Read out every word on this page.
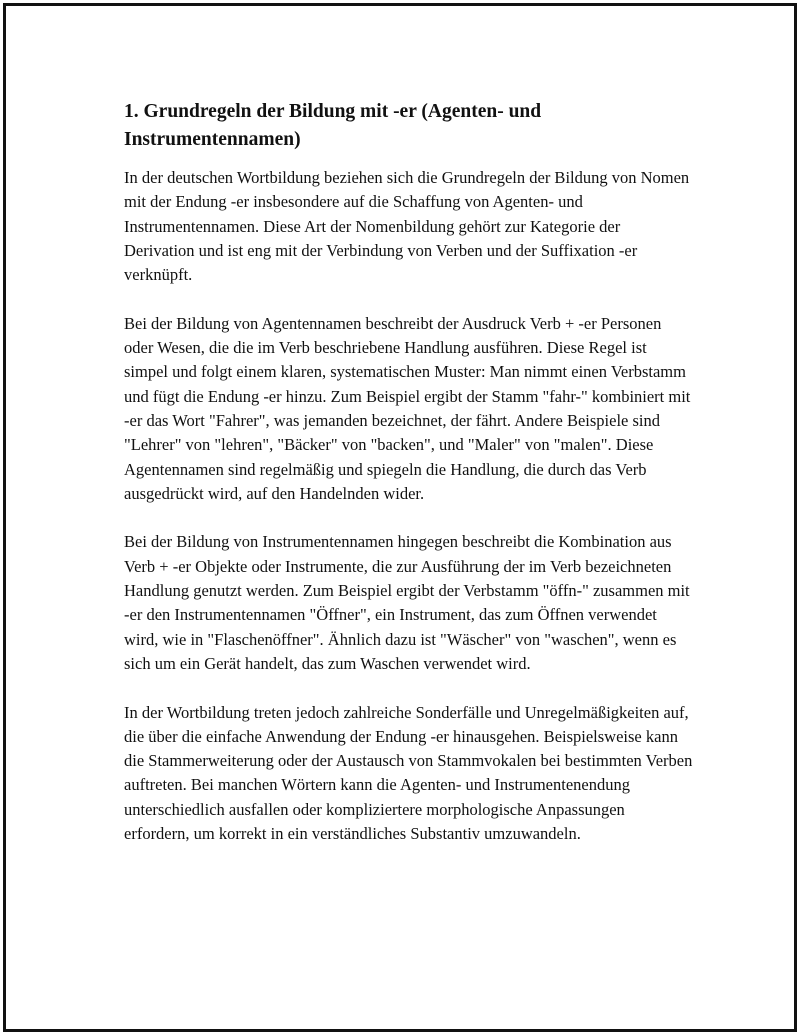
1. Grundregeln der Bildung mit -er (Agenten- und Instrumentennamen)

In der deutschen Wortbildung beziehen sich die Grundregeln der Bildung von Nomen mit der Endung -er insbesondere auf die Schaffung von Agenten- und Instrumentennamen. Diese Art der Nomenbildung gehört zur Kategorie der Derivation und ist eng mit der Verbindung von Verben und der Suffixation -er verknüpft.

Bei der Bildung von Agentennamen beschreibt der Ausdruck Verb + -er Personen oder Wesen, die die im Verb beschriebene Handlung ausführen. Diese Regel ist simpel und folgt einem klaren, systematischen Muster: Man nimmt einen Verbstamm und fügt die Endung -er hinzu. Zum Beispiel ergibt der Stamm "fahr-" kombiniert mit -er das Wort "Fahrer", was jemanden bezeichnet, der fährt. Andere Beispiele sind "Lehrer" von "lehren", "Bäcker" von "backen", und "Maler" von "malen". Diese Agentennamen sind regelmäßig und spiegeln die Handlung, die durch das Verb ausgedrückt wird, auf den Handelnden wider.

Bei der Bildung von Instrumentennamen hingegen beschreibt die Kombination aus Verb + -er Objekte oder Instrumente, die zur Ausführung der im Verb bezeichneten Handlung genutzt werden. Zum Beispiel ergibt der Verbstamm "öffn-" zusammen mit -er den Instrumentennamen "Öffner", ein Instrument, das zum Öffnen verwendet wird, wie in "Flaschenöffner". Ähnlich dazu ist "Wäscher" von "waschen", wenn es sich um ein Gerät handelt, das zum Waschen verwendet wird.

In der Wortbildung treten jedoch zahlreiche Sonderfälle und Unregelmäßigkeiten auf, die über die einfache Anwendung der Endung -er hinausgehen. Beispielsweise kann die Stammerweiterung oder der Austausch von Stammvokalen bei bestimmten Verben auftreten. Bei manchen Wörtern kann die Agenten- und Instrumentenendung unterschiedlich ausfallen oder kompliziertere morphologische Anpassungen erfordern, um korrekt in ein verständliches Substantiv umzuwandeln.
